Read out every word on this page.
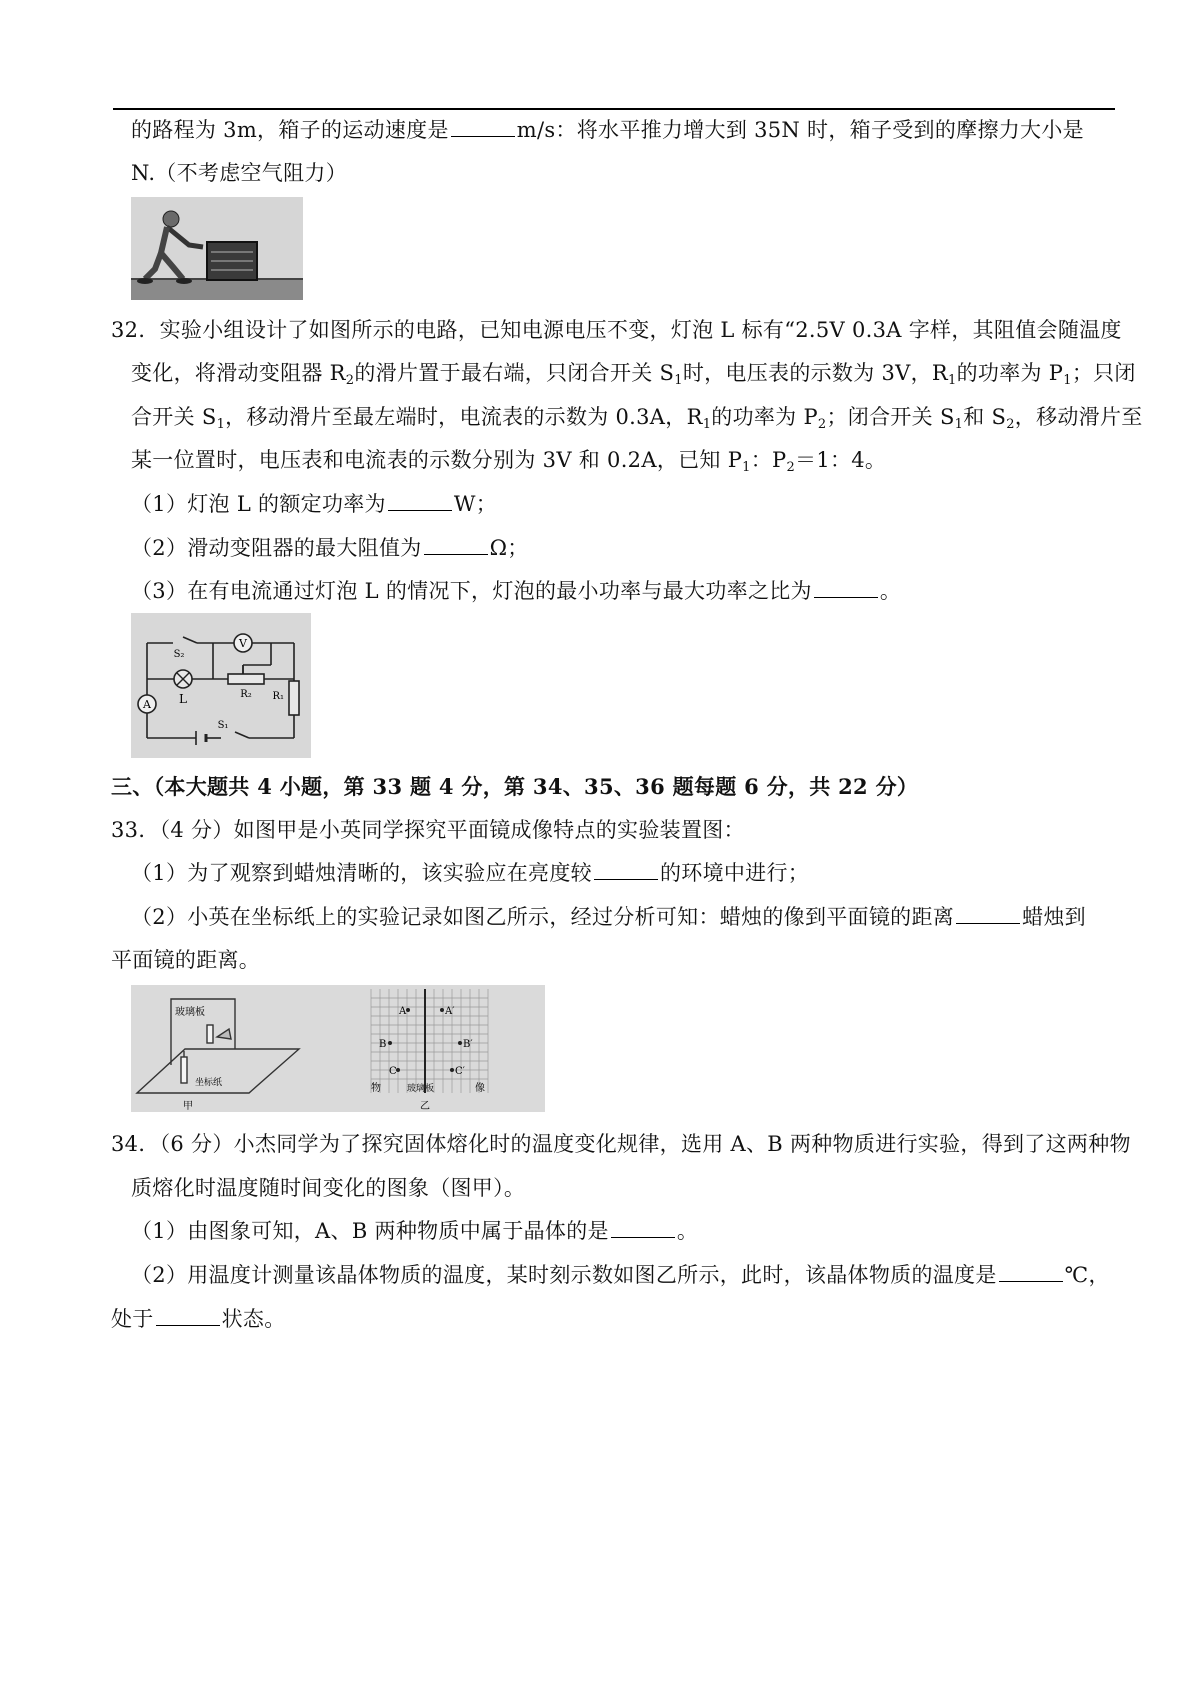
的路程为 3m，箱子的运动速度是	m/s：将水平推力增大到 35N 时，箱子受到的摩擦力大小是
N.（不考虑空气阻力）
32．实验小组设计了如图所示的电路，已知电源电压不变，灯泡 L 标有“2.5V 0.3A 字样，其阻值会随温度
变化，将滑动变阻器 $R_2$的滑片置于最右端，只闭合开关 $S_1$时，电压表的示数为 3V，$R_1$的功率为 $P_1$；只闭
合开关 $S_1$，移动滑片至最左端时，电流表的示数为 0.3A，$R_1$的功率为 $P_2$；闭合开关 $S_1$和 $S_2$，移动滑片至
某一位置时，电压表和电流表的示数分别为 3V 和 0.2A，已知 $P_1$：$P_2=1$：4。
（1）灯泡 L 的额定功率为	W；
（2）滑动变阻器的最大阻值为	Ω；
（3）在有电流通过灯泡 L 的情况下，灯泡的最小功率与最大功率之比为	。
V
L	R₂ R₁
A
S₂
S₁
三、（本大题共 4 小题，第 33 题 4 分，第 34、35、36 题每题 6 分，共 22 分）
33．（4 分）如图甲是小英同学探究平面镜成像特点的实验装置图：
（1）为了观察到蜡烛清晰的，该实验应在亮度较	的环境中进行；
（2）小英在坐标纸上的实验记录如图乙所示，经过分析可知：蜡烛的像到平面镜的距离	蜡烛到
平面镜的距离。
玻璃板
坐标纸
甲
A	A′
B	B′
C	C′
物	玻璃板	像
乙
34．（6 分）小杰同学为了探究固体熔化时的温度变化规律，选用 A、B 两种物质进行实验，得到了这两种物
质熔化时温度随时间变化的图象（图甲）。
（1）由图象可知，A、B 两种物质中属于晶体的是	。
（2）用温度计测量该晶体物质的温度，某时刻示数如图乙所示，此时，该晶体物质的温度是	℃，
处于	状态。
